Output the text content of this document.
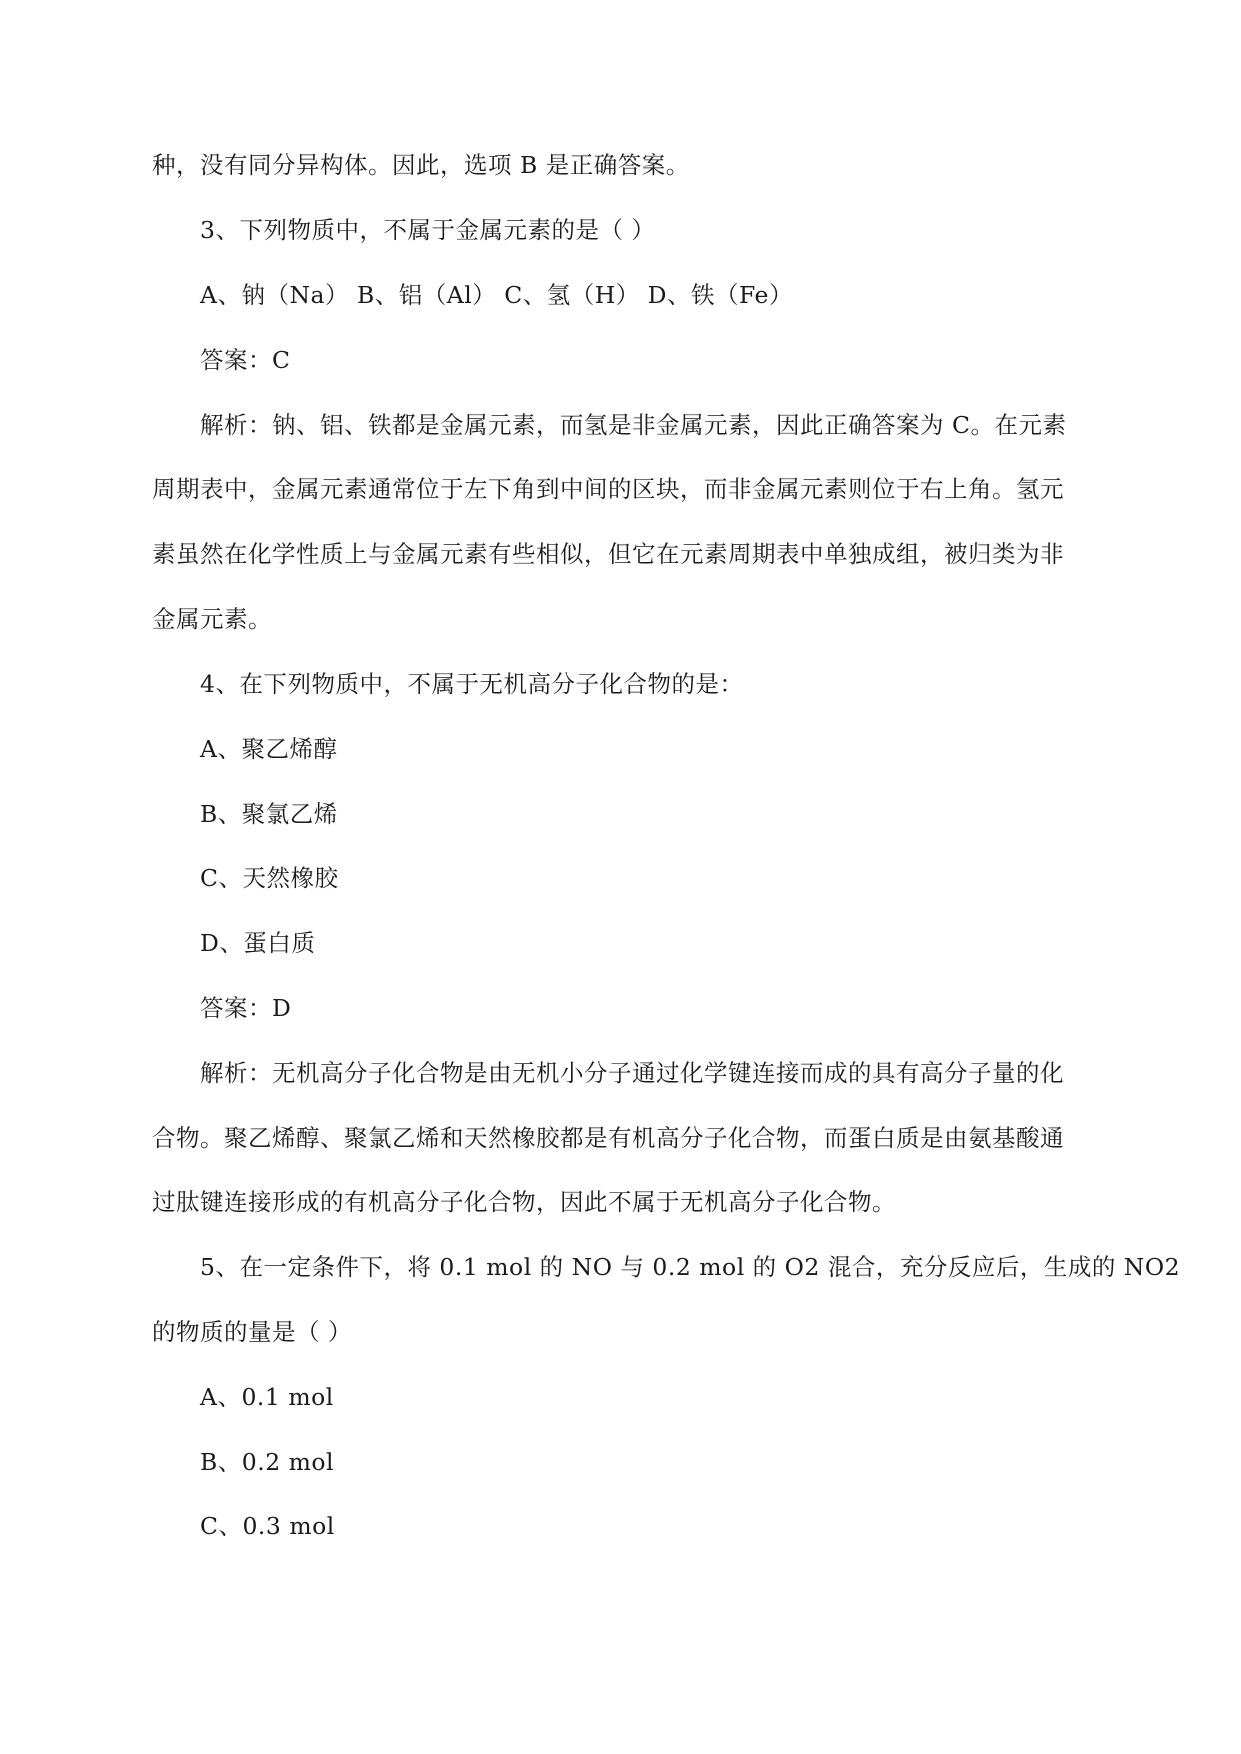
种，没有同分异构体。因此，选项 B 是正确答案。
3、下列物质中，不属于金属元素的是（ ）
A、钠（Na） B、铝（Al） C、氢（H） D、铁（Fe）
答案：C
解析：钠、铝、铁都是金属元素，而氢是非金属元素，因此正确答案为 C。在元素
周期表中，金属元素通常位于左下角到中间的区块，而非金属元素则位于右上角。氢元
素虽然在化学性质上与金属元素有些相似，但它在元素周期表中单独成组，被归类为非
金属元素。
4、在下列物质中，不属于无机高分子化合物的是：
A、聚乙烯醇
B、聚氯乙烯
C、天然橡胶
D、蛋白质
答案：D
解析：无机高分子化合物是由无机小分子通过化学键连接而成的具有高分子量的化
合物。聚乙烯醇、聚氯乙烯和天然橡胶都是有机高分子化合物，而蛋白质是由氨基酸通
过肽键连接形成的有机高分子化合物，因此不属于无机高分子化合物。
5、在一定条件下，将 0.1 mol 的 NO 与 0.2 mol 的 O2 混合，充分反应后，生成的 NO2
的物质的量是（ ）
A、0.1 mol
B、0.2 mol
C、0.3 mol
